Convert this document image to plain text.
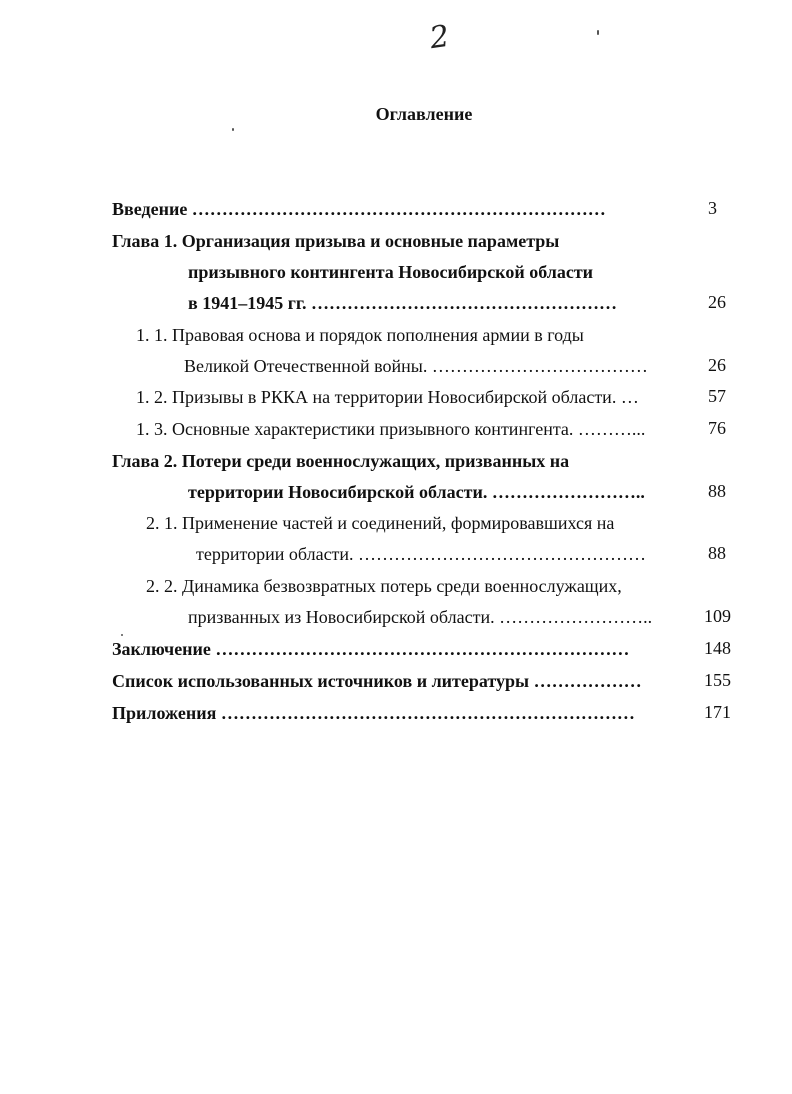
2
Оглавление
Введение ……………………………………………………………	3
Глава 1. Организация призыва и основные параметры
призывного контингента Новосибирской области
в 1941–1945 гг. ……………………………………………	26
1. 1. Правовая основа и порядок пополнения армии в годы
Великой Отечественной войны. ………………………………	26
1. 2. Призывы в РККА на территории Новосибирской области. …	57
1. 3. Основные характеристики призывного контингента. ………...	76
Глава 2. Потери среди военнослужащих, призванных на
территории Новосибирской области. ……………………..	88
2. 1. Применение частей и соединений, формировавшихся на
территории области. …………………………………………	88
2. 2. Динамика безвозвратных потерь среди военнослужащих,
призванных из Новосибирской области. ……………………..	109
Заключение ……………………………………………………………	148
Список использованных источников и литературы ………………	155
Приложения ……………………………………………………………	171
